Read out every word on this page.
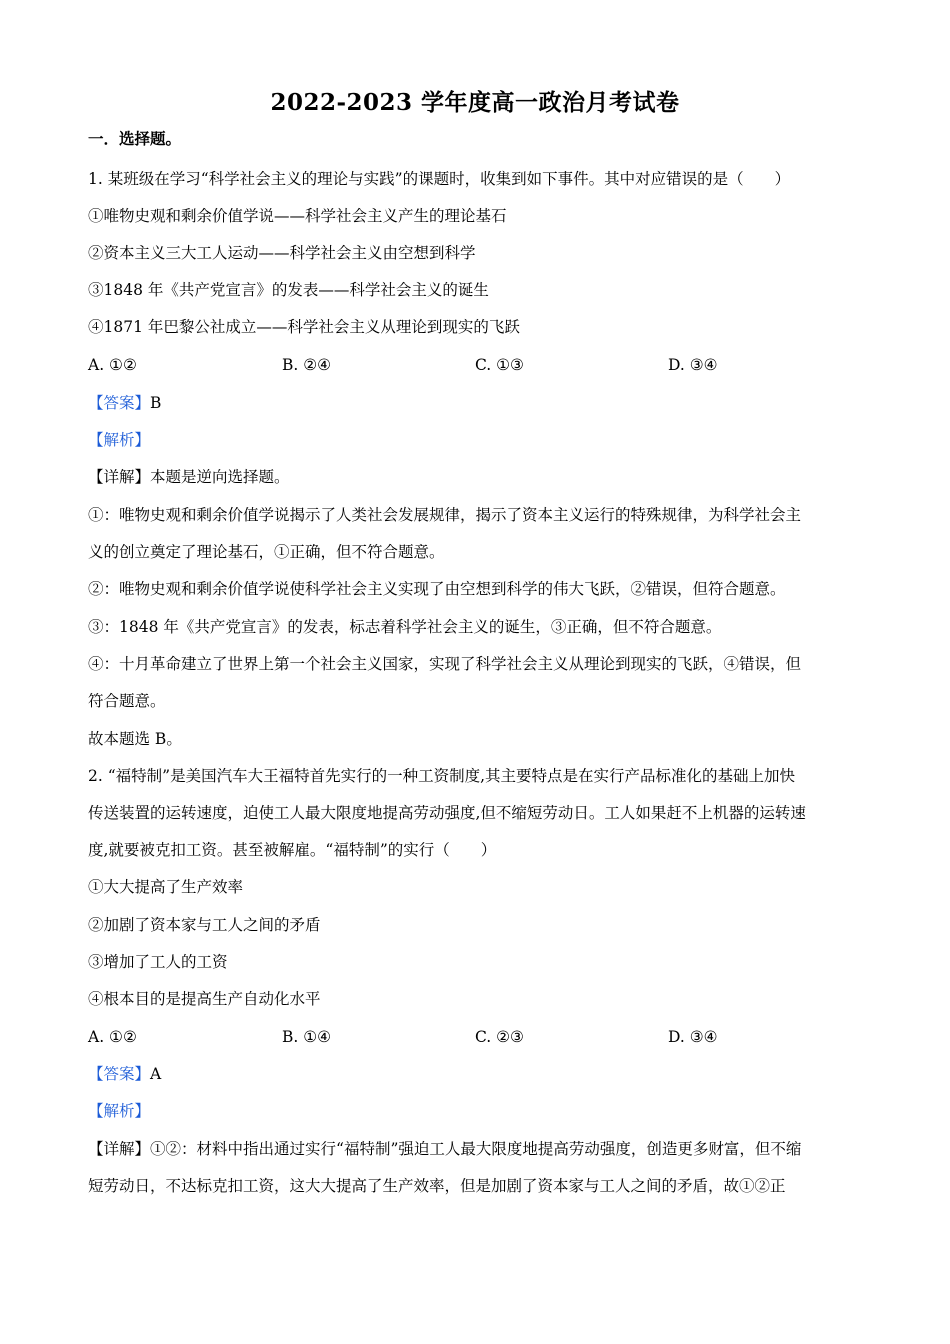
2022-2023 学年度高一政治月考试卷
一．选择题。
1. 某班级在学习“科学社会主义的理论与实践”的课题时，收集到如下事件。其中对应错误的是（　　）
①唯物史观和剩余价值学说——科学社会主义产生的理论基石
②资本主义三大工人运动——科学社会主义由空想到科学
③1848 年《共产党宣言》的发表——科学社会主义的诞生
④1871 年巴黎公社成立——科学社会主义从理论到现实的飞跃
A. ①②	B. ②④	C. ①③	D. ③④
【答案】B
【解析】
【详解】本题是逆向选择题。
①：唯物史观和剩余价值学说揭示了人类社会发展规律，揭示了资本主义运行的特殊规律，为科学社会主
义的创立奠定了理论基石，①正确，但不符合题意。
②：唯物史观和剩余价值学说使科学社会主义实现了由空想到科学的伟大飞跃，②错误，但符合题意。
③：1848 年《共产党宣言》的发表，标志着科学社会主义的诞生，③正确，但不符合题意。
④：十月革命建立了世界上第一个社会主义国家，实现了科学社会主义从理论到现实的飞跃，④错误，但
符合题意。
故本题选 B。
2. “福特制”是美国汽车大王福特首先实行的一种工资制度,其主要特点是在实行产品标准化的基础上加快
传送装置的运转速度，迫使工人最大限度地提高劳动强度,但不缩短劳动日。工人如果赶不上机器的运转速
度,就要被克扣工资。甚至被解雇。“福特制”的实行（　　）
①大大提高了生产效率
②加剧了资本家与工人之间的矛盾
③增加了工人的工资
④根本目的是提高生产自动化水平
A. ①②	B. ①④	C. ②③	D. ③④
【答案】A
【解析】
【详解】①②：材料中指出通过实行“福特制”强迫工人最大限度地提高劳动强度，创造更多财富，但不缩
短劳动日，不达标克扣工资，这大大提高了生产效率，但是加剧了资本家与工人之间的矛盾，故①②正
